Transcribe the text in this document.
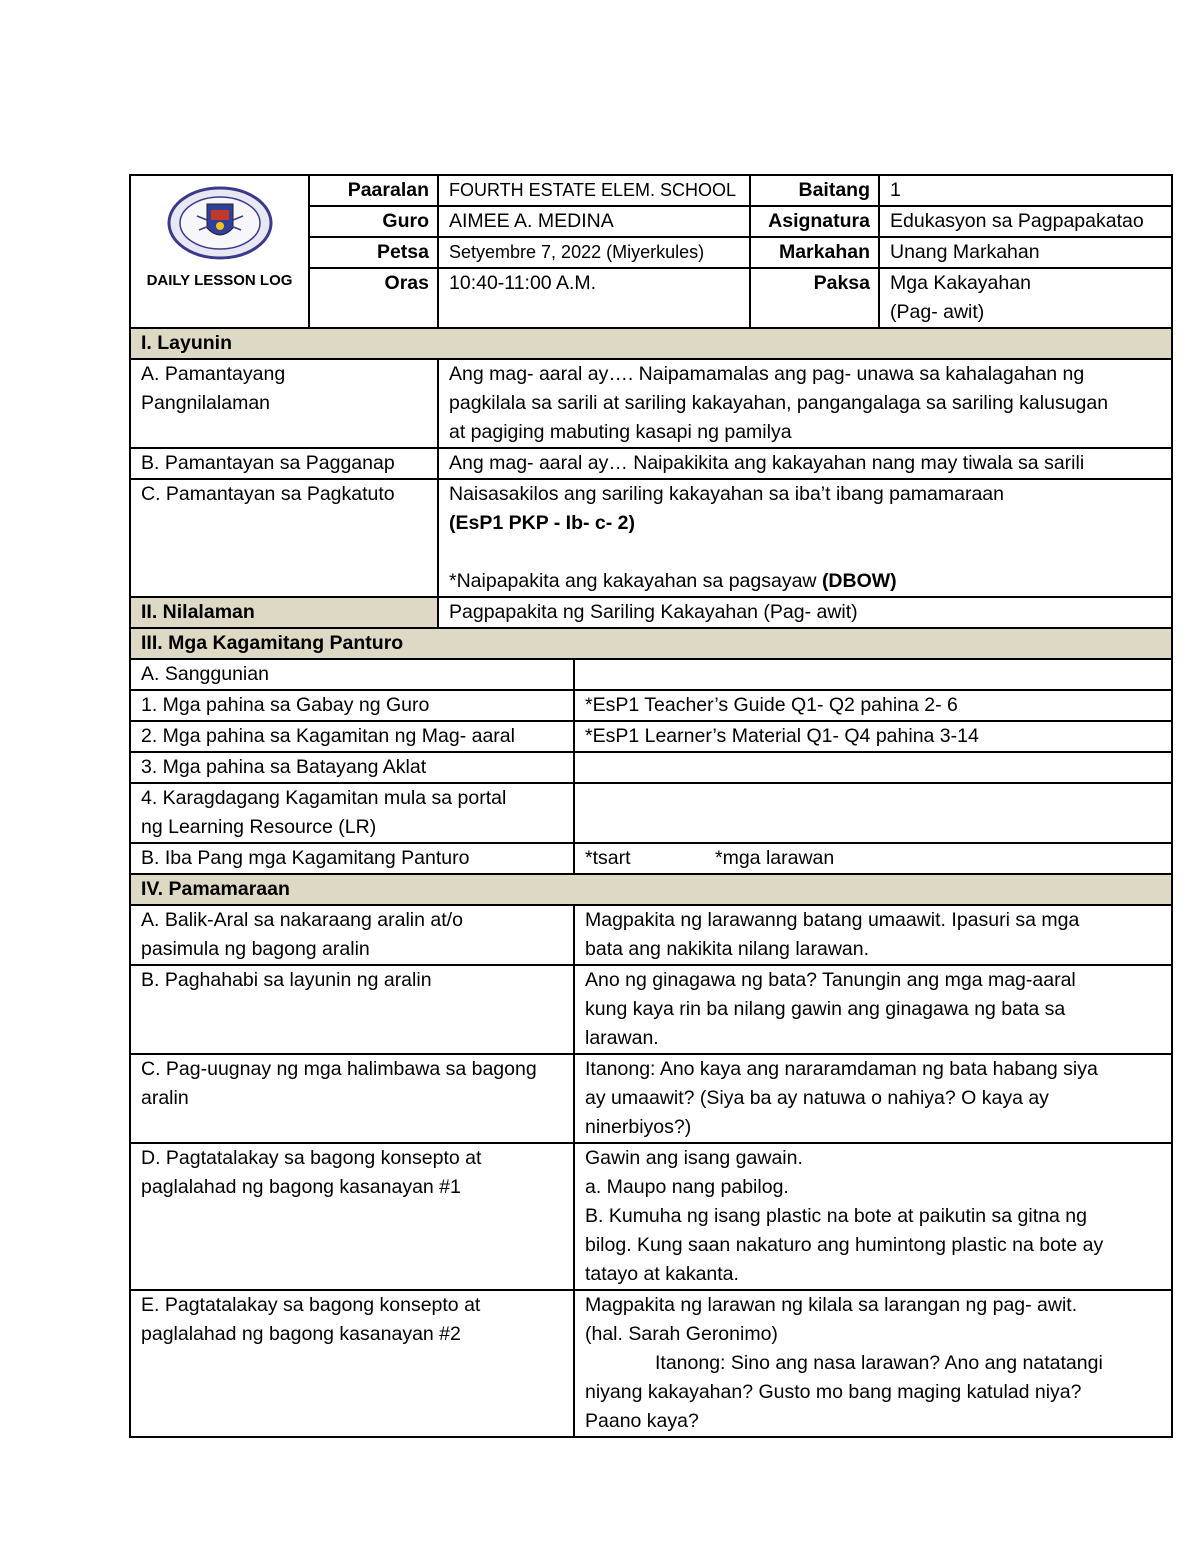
DAILY LESSON LOG	Paaralan	FOURTH ESTATE ELEM. SCHOOL	Baitang	1
	Guro	AIMEE A. MEDINA	Asignatura	Edukasyon sa Pagpapakatao
	Petsa	Setyembre 7, 2022 (Miyerkules)	Markahan	Unang Markahan
	Oras	10:40-11:00 A.M.	Paksa	Mga Kakayahan
(Pag- awit)
I. Layunin	

A. Pamantayang
Pangnilalaman	Ang mag- aaral ay…. Naipamamalas ang pag- unawa sa kahalagahan ng
pagkilala sa sarili at sariling kakayahan, pangangalaga sa sariling kalusugan
at pagiging mabuting kasapi ng pamilya

B. Pamantayan sa Pagganap	Ang mag- aaral ay… Naipakikita ang kakayahan nang may tiwala sa sarili
C. Pamantayan sa Pagkatuto	Naisasakilos ang sariling kakayahan sa iba’t ibang pamamaraan
(EsP1 PKP - Ib- c- 2)
*Naipapakita ang kakayahan sa pagsayaw (DBOW)

II. Nilalaman	Pagpapakita ng Sariling Kakayahan (Pag- awit)
III. Mga Kagamitang Panturo	
A. Sanggunian	
1. Mga pahina sa Gabay ng Guro	*EsP1 Teacher’s Guide Q1- Q2 pahina 2- 6
2. Mga pahina sa Kagamitan ng Mag- aaral	*EsP1 Learner’s Material Q1- Q4 pahina 3-14
3. Mga pahina sa Batayang Aklat	

4. Karagdagang Kagamitan mula sa portal
ng Learning Resource (LR)	

B. Iba Pang mga Kagamitang Panturo	*tsart *mga larawan
IV. Pamamaraan	

A. Balik-Aral sa nakaraang aralin at/o
pasimula ng bagong aralin	Magpakita ng larawanng batang umaawit. Ipasuri sa mga
bata ang nakikita nilang larawan.

B. Paghahabi sa layunin ng aralin	Ano ng ginagawa ng bata? Tanungin ang mga mag-aaral
kung kaya rin ba nilang gawin ang ginagawa ng bata sa
larawan.

C. Pag-uugnay ng mga halimbawa sa bagong
aralin	Itanong: Ano kaya ang nararamdaman ng bata habang siya
ay umaawit? (Siya ba ay natuwa o nahiya? O kaya ay
ninerbiyos?)

D. Pagtatalakay sa bagong konsepto at
paglalahad ng bagong kasanayan #1	Gawin ang isang gawain.
a. Maupo nang pabilog.
B. Kumuha ng isang plastic na bote at paikutin sa gitna ng
bilog. Kung saan nakaturo ang humintong plastic na bote ay
tatayo at kakanta.

E. Pagtatalakay sa bagong konsepto at
paglalahad ng bagong kasanayan #2	Magpakita ng larawan ng kilala sa larangan ng pag- awit.
(hal. Sarah Geronimo)
Itanong: Sino ang nasa larawan? Ano ang natatangi
niyang kakayahan? Gusto mo bang maging katulad niya?
Paano kaya?
